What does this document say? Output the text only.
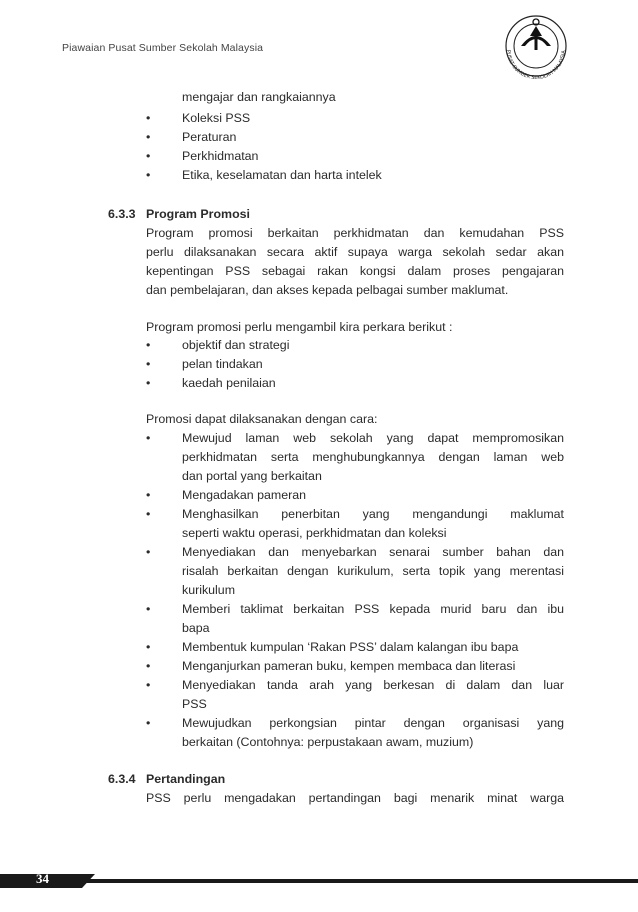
Piawaian Pusat Sumber Sekolah Malaysia	PUSAT SUMBER SEKOLAH MALAYSIA
mengajar dan rangkaiannya
•	Koleksi PSS
•	Peraturan
•	Perkhidmatan
•	Etika, keselamatan dan harta intelek
6.3.3 Program Promosi
Program promosi berkaitan perkhidmatan dan kemudahan PSS
perlu dilaksanakan secara aktif supaya warga sekolah sedar akan
kepentingan PSS sebagai rakan kongsi dalam proses pengajaran
dan pembelajaran, dan akses kepada pelbagai sumber maklumat.
Program promosi perlu mengambil kira perkara berikut :
•	objektif dan strategi
•	pelan tindakan
•	kaedah penilaian
Promosi dapat dilaksanakan dengan cara:
•	Mewujud laman web sekolah yang dapat mempromosikan
perkhidmatan serta menghubungkannya dengan laman web
dan portal yang berkaitan
•	Mengadakan pameran
•	Menghasilkan penerbitan yang mengandungi maklumat
seperti waktu operasi, perkhidmatan dan koleksi
•	Menyediakan dan menyebarkan senarai sumber bahan dan
risalah berkaitan dengan kurikulum, serta topik yang merentasi
kurikulum
•	Memberi taklimat berkaitan PSS kepada murid baru dan ibu
bapa
•	Membentuk kumpulan ‘Rakan PSS’ dalam kalangan ibu bapa
•	Menganjurkan pameran buku, kempen membaca dan literasi
•	Menyediakan tanda arah yang berkesan di dalam dan luar
PSS
•	Mewujudkan perkongsian pintar dengan organisasi yang
berkaitan (Contohnya: perpustakaan awam, muzium)
6.3.4 Pertandingan
PSS perlu mengadakan pertandingan bagi menarik minat warga
34
